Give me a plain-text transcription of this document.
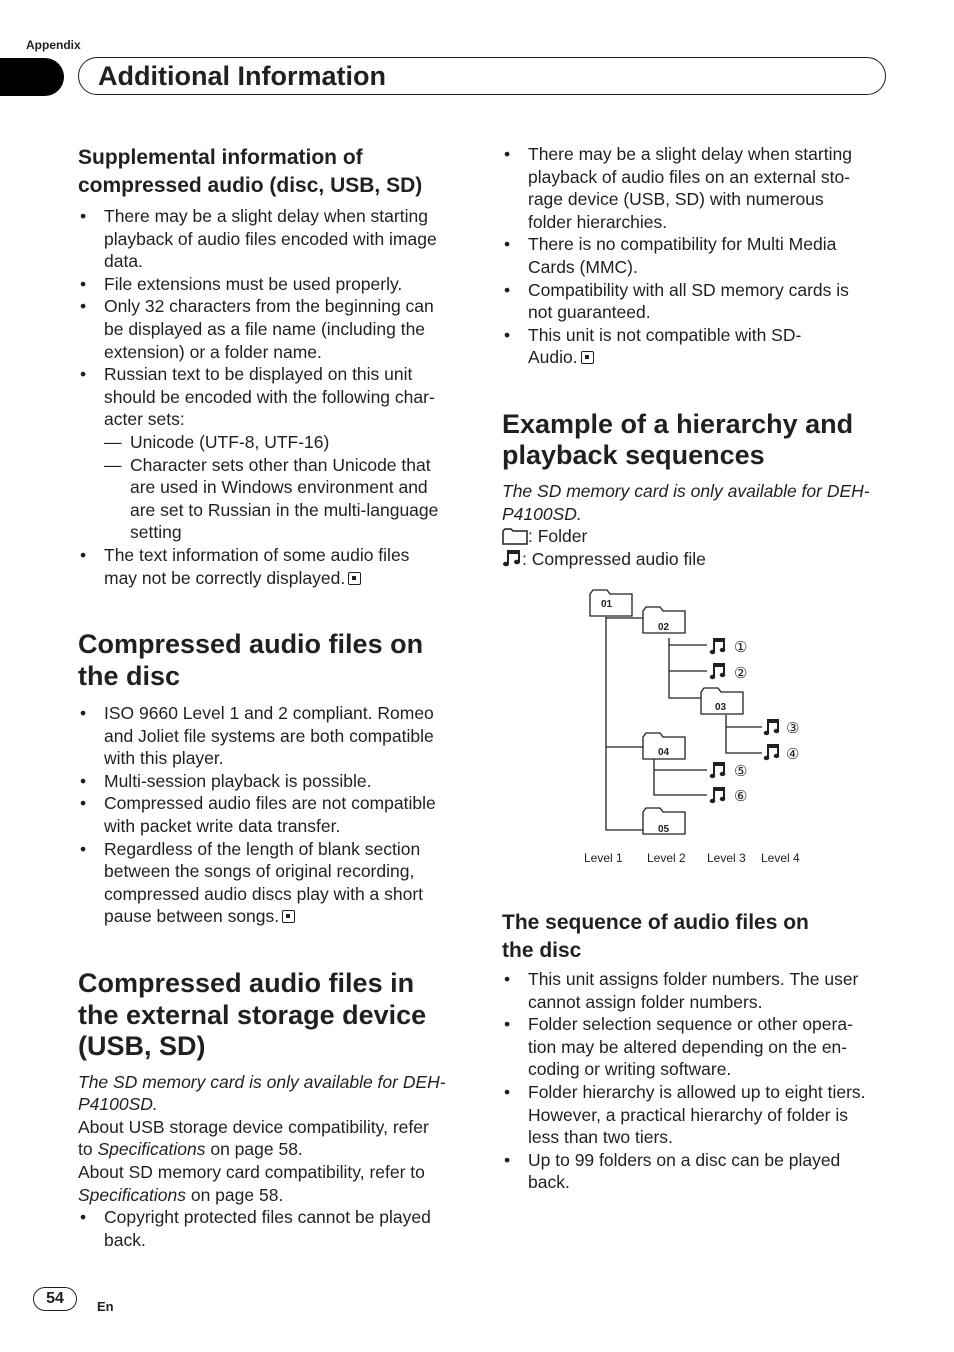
Appendix
Additional Information
Supplemental information of
compressed audio (disc, USB, SD)
• There may be a slight delay when starting
playback of audio files encoded with image
data.
• File extensions must be used properly.
• Only 32 characters from the beginning can
be displayed as a file name (including the
extension) or a folder name.
• Russian text to be displayed on this unit
should be encoded with the following char-
acter sets:
— Unicode (UTF-8, UTF-16)
— Character sets other than Unicode that
are used in Windows environment and
are set to Russian in the multi-language
setting
• The text information of some audio files
may not be correctly displayed.
Compressed audio files on
the disc
• ISO 9660 Level 1 and 2 compliant. Romeo
and Joliet file systems are both compatible
with this player.
• Multi-session playback is possible.
• Compressed audio files are not compatible
with packet write data transfer.
• Regardless of the length of blank section
between the songs of original recording,
compressed audio discs play with a short
pause between songs.
Compressed audio files in
the external storage device
(USB, SD)

The SD memory card is only available for DEH-

P4100SD.

About USB storage device compatibility, refer

to Specifications on page 58.

About SD memory card compatibility, refer to

Specifications on page 58.

• Copyright protected files cannot be played
back.
• There may be a slight delay when starting
playback of audio files on an external sto-
rage device (USB, SD) with numerous
folder hierarchies.
• There is no compatibility for Multi Media
Cards (MMC).
• Compatibility with all SD memory cards is
not guaranteed.
• This unit is not compatible with SD-
Audio.
Example of a hierarchy and
playback sequences

The SD memory card is only available for DEH-

P4100SD.

: Folder

: Compressed audio file

01
02
03
04
05
①
②
③
④
⑤
⑥
Level 1 Level 2 Level 3 Level 4
The sequence of audio files on
the disc
• This unit assigns folder numbers. The user
cannot assign folder numbers.
• Folder selection sequence or other opera-
tion may be altered depending on the en-
coding or writing software.
• Folder hierarchy is allowed up to eight tiers.
However, a practical hierarchy of folder is
less than two tiers.
• Up to 99 folders on a disc can be played
back.
54	En
